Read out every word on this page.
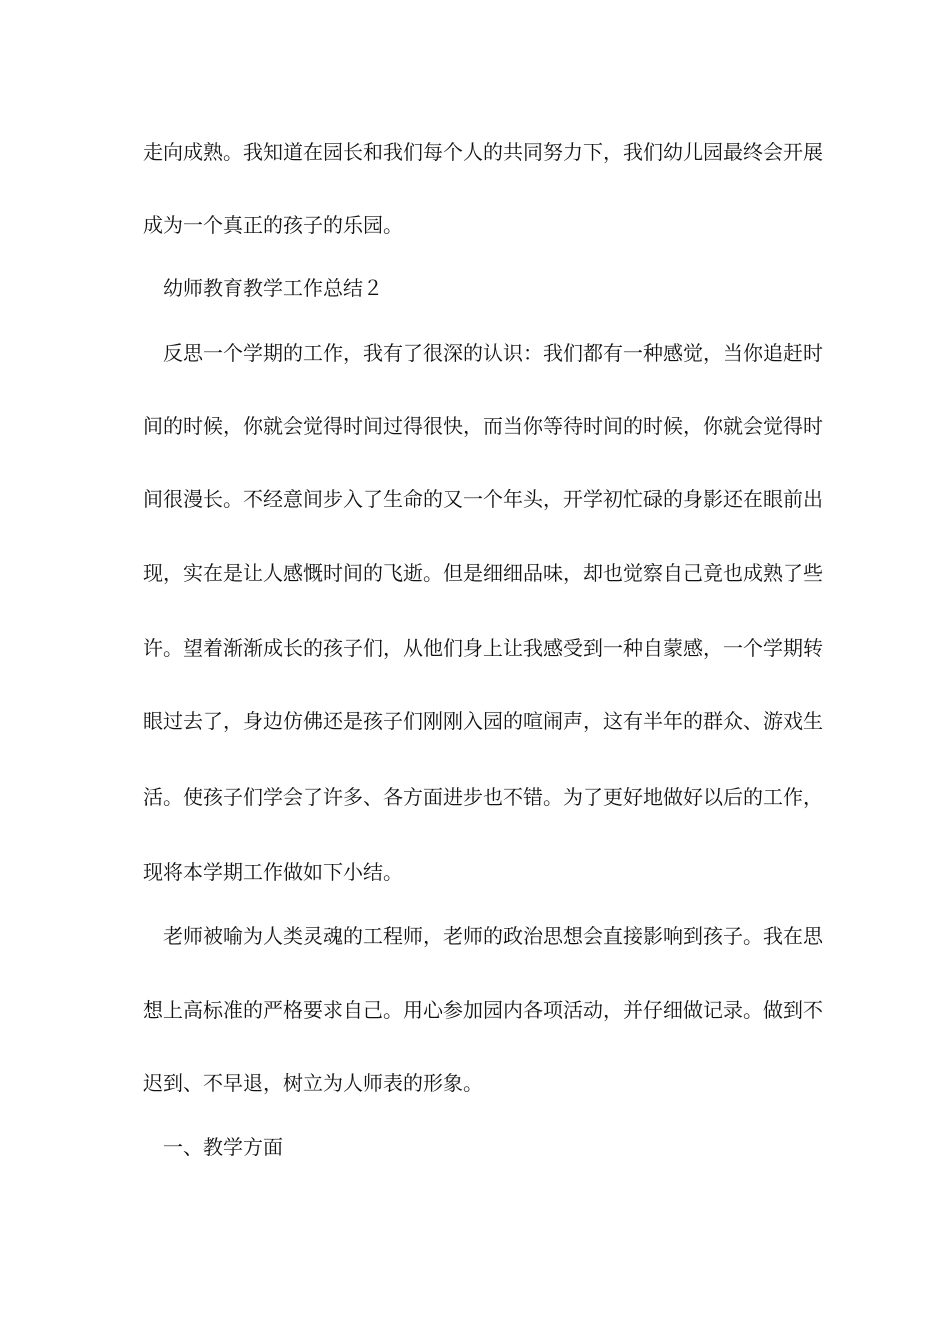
走向成熟。我知道在园长和我们每个人的共同努力下，我们幼儿园最终会开展
成为一个真正的孩子的乐园。
幼师教育教学工作总结２
反思一个学期的工作，我有了很深的认识：我们都有一种感觉，当你追赶时
间的时候，你就会觉得时间过得很快，而当你等待时间的时候，你就会觉得时
间很漫长。不经意间步入了生命的又一个年头，开学初忙碌的身影还在眼前出
现，实在是让人感慨时间的飞逝。但是细细品味，却也觉察自己竟也成熟了些
许。望着渐渐成长的孩子们，从他们身上让我感受到一种自蒙感，一个学期转
眼过去了，身边仿佛还是孩子们刚刚入园的喧闹声，这有半年的群众、游戏生
活。使孩子们学会了许多、各方面进步也不错。为了更好地做好以后的工作，
现将本学期工作做如下小结。
老师被喻为人类灵魂的工程师，老师的政治思想会直接影响到孩子。我在思
想上高标准的严格要求自己。用心参加园内各项活动，并仔细做记录。做到不
迟到、不早退，树立为人师表的形象。
一、教学方面
